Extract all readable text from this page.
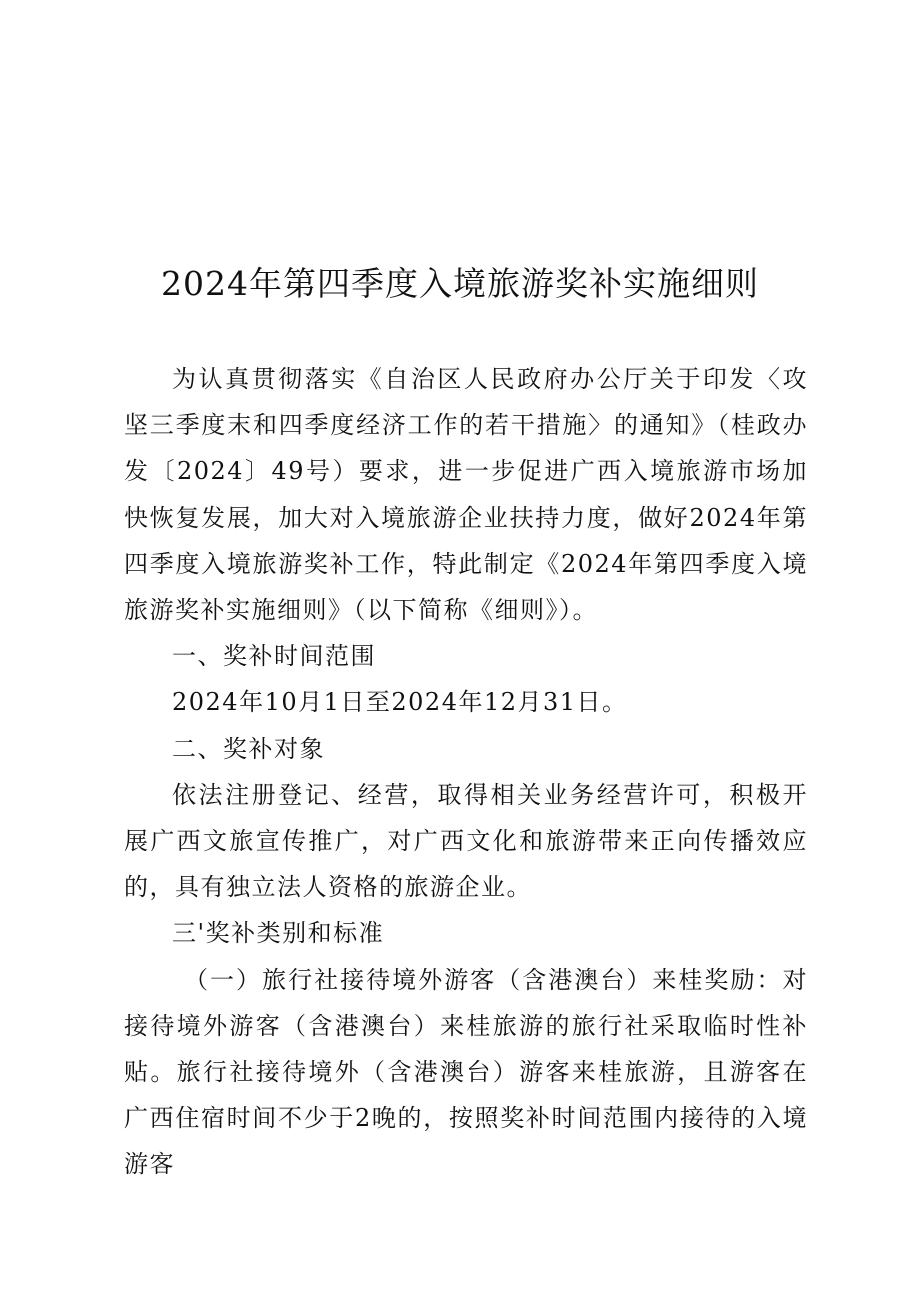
2024年第四季度入境旅游奖补实施细则

为认真贯彻落实《自治区人民政府办公厅关于印发〈攻坚三季度末和四季度经济工作的若干措施〉的通知》（桂政办发〔2024〕49号）要求，进一步促进广西入境旅游市场加快恢复发展，加大对入境旅游企业扶持力度，做好2024年第四季度入境旅游奖补工作，特此制定《2024年第四季度入境旅游奖补实施细则》（以下简称《细则》）。

一、奖补时间范围

2024年10月1日至2024年12月31日。

二、奖补对象

依法注册登记、经营，取得相关业务经营许可，积极开展广西文旅宣传推广，对广西文化和旅游带来正向传播效应的，具有独立法人资格的旅游企业。

三'奖补类别和标准

（一）旅行社接待境外游客（含港澳台）来桂奖励：对接待境外游客（含港澳台）来桂旅游的旅行社采取临时性补贴。旅行社接待境外（含港澳台）游客来桂旅游，且游客在广西住宿时间不少于2晚的，按照奖补时间范围内接待的入境游客
